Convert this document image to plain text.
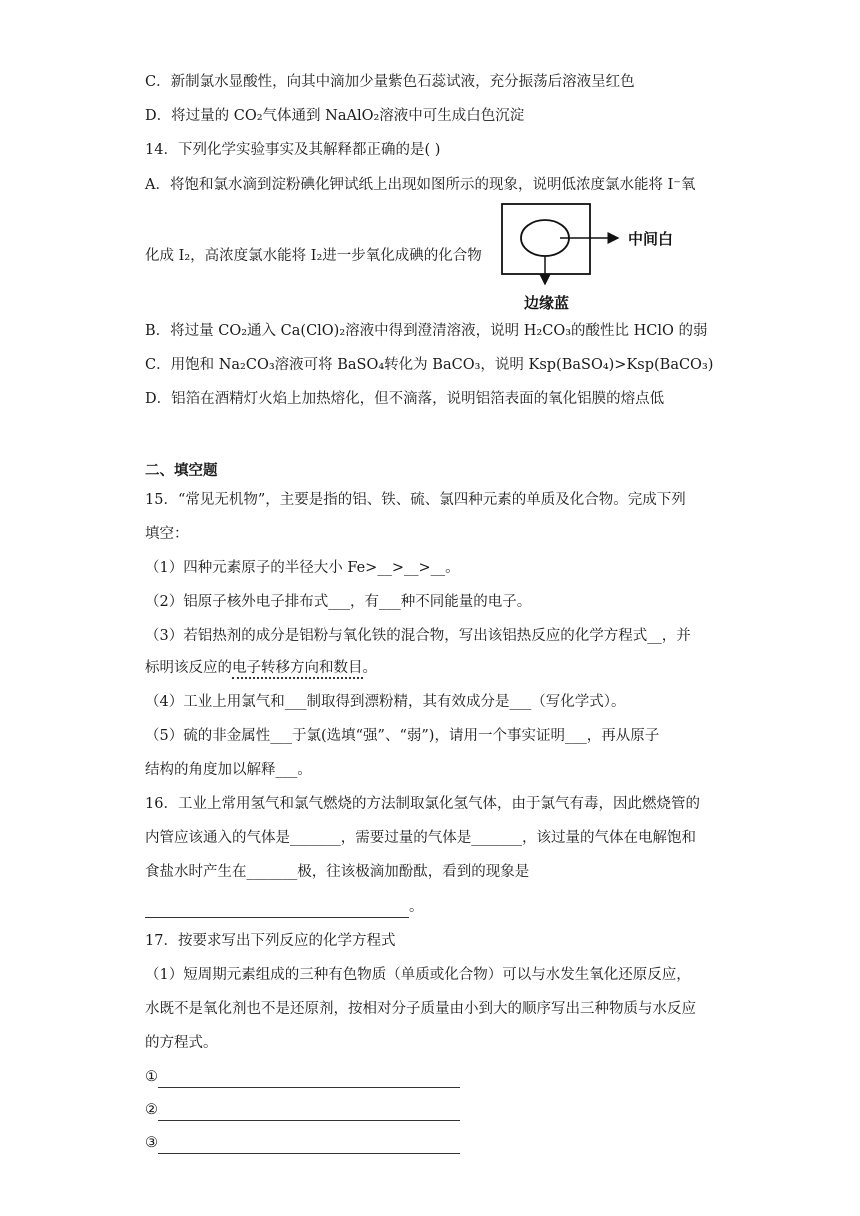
C．新制氯水显酸性，向其中滴加少量紫色石蕊试液，充分振荡后溶液呈红色
D．将过量的 CO₂气体通到 NaAlO₂溶液中可生成白色沉淀
14．下列化学实验事实及其解释都正确的是( )
A．将饱和氯水滴到淀粉碘化钾试纸上出现如图所示的现象，说明低浓度氯水能将 I⁻氧
化成 I₂，高浓度氯水能将 I₂进一步氧化成碘的化合物
中间白
边缘蓝
B．将过量 CO₂通入 Ca(ClO)₂溶液中得到澄清溶液，说明 H₂CO₃的酸性比 HClO 的弱
C．用饱和 Na₂CO₃溶液可将 BaSO₄转化为 BaCO₃，说明 Ksp(BaSO₄)>Ksp(BaCO₃)
D．铝箔在酒精灯火焰上加热熔化，但不滴落，说明铝箔表面的氧化铝膜的熔点低
二、填空题
15．“常见无机物”，主要是指的铝、铁、硫、氯四种元素的单质及化合物。完成下列
填空：
（1）四种元素原子的半径大小 Fe>__>__>__。
（2）铝原子核外电子排布式___，有___种不同能量的电子。
（3）若铝热剂的成分是铝粉与氧化铁的混合物，写出该铝热反应的化学方程式__，并
标明该反应的电子转移方向和数目。
（4）工业上用氯气和___制取得到漂粉精，其有效成分是___（写化学式）。
（5）硫的非金属性___于氯(选填“强”、“弱”)，请用一个事实证明___，再从原子
结构的角度加以解释___。
16．工业上常用氢气和氯气燃烧的方法制取氯化氢气体，由于氯气有毒，因此燃烧管的
内管应该通入的气体是_______，需要过量的气体是_______，该过量的气体在电解饱和
食盐水时产生在_______极，往该极滴加酚酞，看到的现象是
。
17．按要求写出下列反应的化学方程式
（1）短周期元素组成的三种有色物质（单质或化合物）可以与水发生氧化还原反应，
水既不是氧化剂也不是还原剂，按相对分子质量由小到大的顺序写出三种物质与水反应
的方程式。
①
②
③
